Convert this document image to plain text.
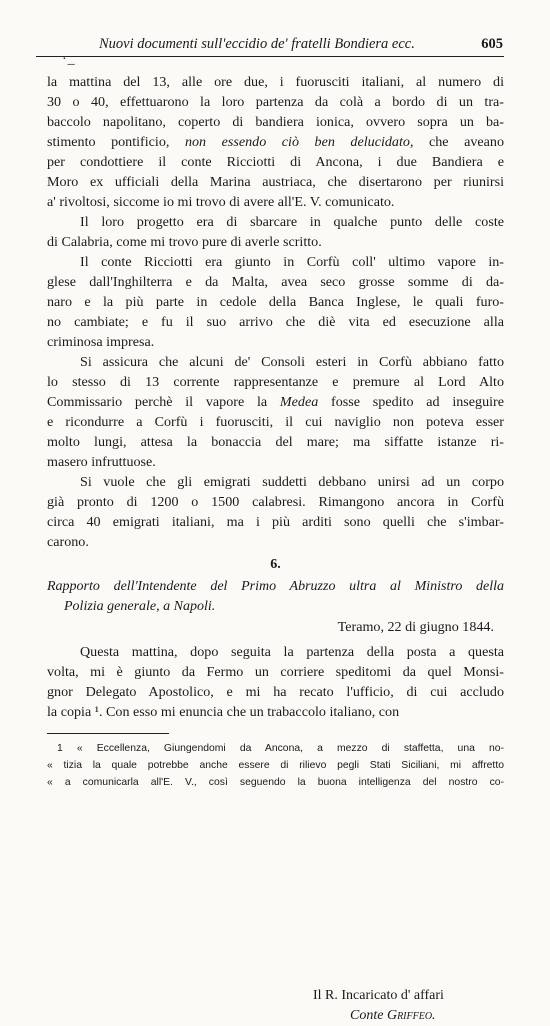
Nuovi documenti sull'eccidio de' fratelli Bondiera ecc.	605
·_
la mattina del 13, alle ore due, i fuorusciti italiani, al numero di
30 o 40, effettuarono la loro partenza da colà a bordo di un tra-
baccolo napolitano, coperto di bandiera ionica, ovvero sopra un ba-
stimento pontificio, non essendo ciò ben delucidato, che aveano
per condottiere il conte Ricciotti di Ancona, i due Bandiera e
Moro ex ufficiali della Marina austriaca, che disertarono per riunirsi
a' rivoltosi, siccome io mi trovo di avere all'E. V. comunicato.
Il loro progetto era di sbarcare in qualche punto delle coste
di Calabria, come mi trovo pure di averle scritto.
Il conte Ricciotti era giunto in Corfù coll' ultimo vapore in-
glese dall'Inghilterra e da Malta, avea seco grosse somme di da-
naro e la più parte in cedole della Banca Inglese, le quali furo-
no cambiate; e fu il suo arrivo che diè vita ed esecuzione alla
criminosa impresa.
Si assicura che alcuni de' Consoli esteri in Corfù abbiano fatto
lo stesso di 13 corrente rappresentanze e premure al Lord Alto
Commissario perchè il vapore la Medea fosse spedito ad inseguire
e ricondurre a Corfù i fuorusciti, il cui naviglio non poteva esser
molto lungi, attesa la bonaccia del mare; ma siffatte istanze ri-
masero infruttuose.
Si vuole che gli emigrati suddetti debbano unirsi ad un corpo
già pronto di 1200 o 1500 calabresi. Rimangono ancora in Corfù
circa 40 emigrati italiani, ma i più arditi sono quelli che s'imbar-
carono.
Il R. Incaricato d' affari
Conte Griffeo.
6.
Rapporto dell'Intendente del Primo Abruzzo ultra al Ministro della
Polizia generale, a Napoli.
Teramo, 22 di giugno 1844.
Questa mattina, dopo seguita la partenza della posta a questa
volta, mi è giunto da Fermo un corriere speditomi da quel Monsi-
gnor Delegato Apostolico, e mi ha recato l'ufficio, di cui accludo
la copia ¹. Con esso mi enuncia che un trabaccolo italiano, con
1 « Eccellenza, Giungendomi da Ancona, a mezzo di staffetta, una no-
« tizia la quale potrebbe anche essere di rilievo pegli Stati Siciliani, mi affretto
« a comunicarla all'E. V., così seguendo la buona intelligenza del nostro co-
